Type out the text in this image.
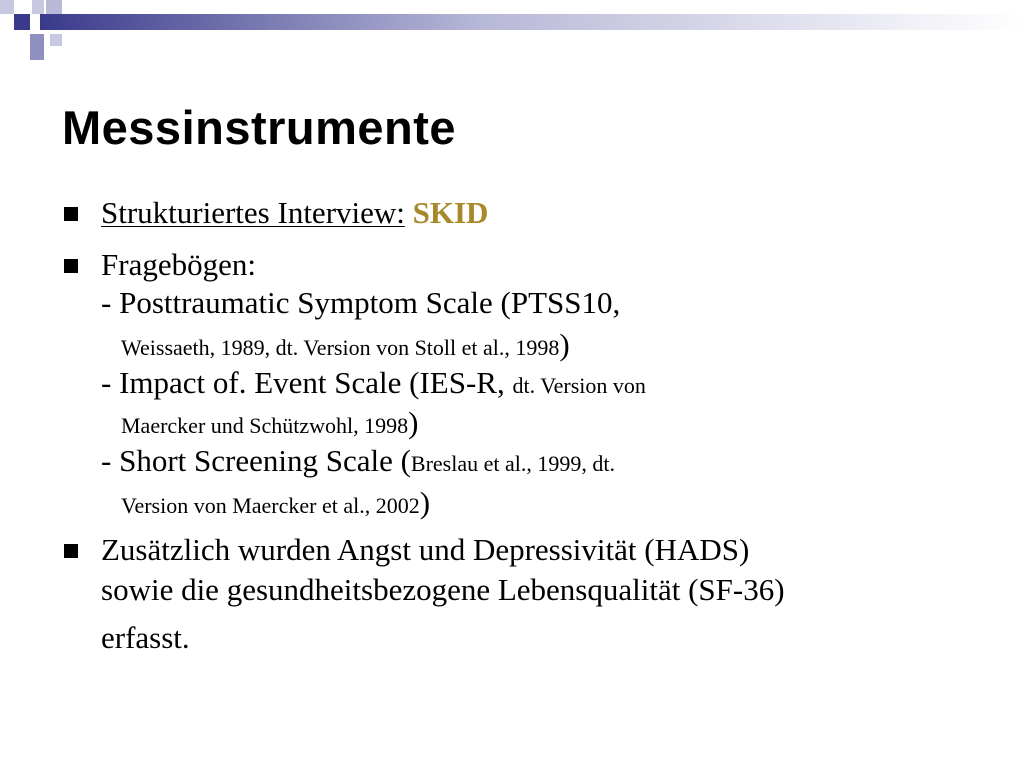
Messinstrumente
Strukturiertes Interview: SKID
Fragebögen:
- Posttraumatic Symptom Scale (PTSS10,
Weissaeth, 1989, dt. Version von Stoll et al., 1998)
- Impact of. Event Scale (IES-R, dt. Version von
Maercker und Schützwohl, 1998)
- Short Screening Scale (Breslau et al., 1999, dt.
Version von Maercker et al., 2002)
Zusätzlich wurden Angst und Depressivität (HADS)
sowie die gesundheitsbezogene Lebensqualität (SF-36)
erfasst.
